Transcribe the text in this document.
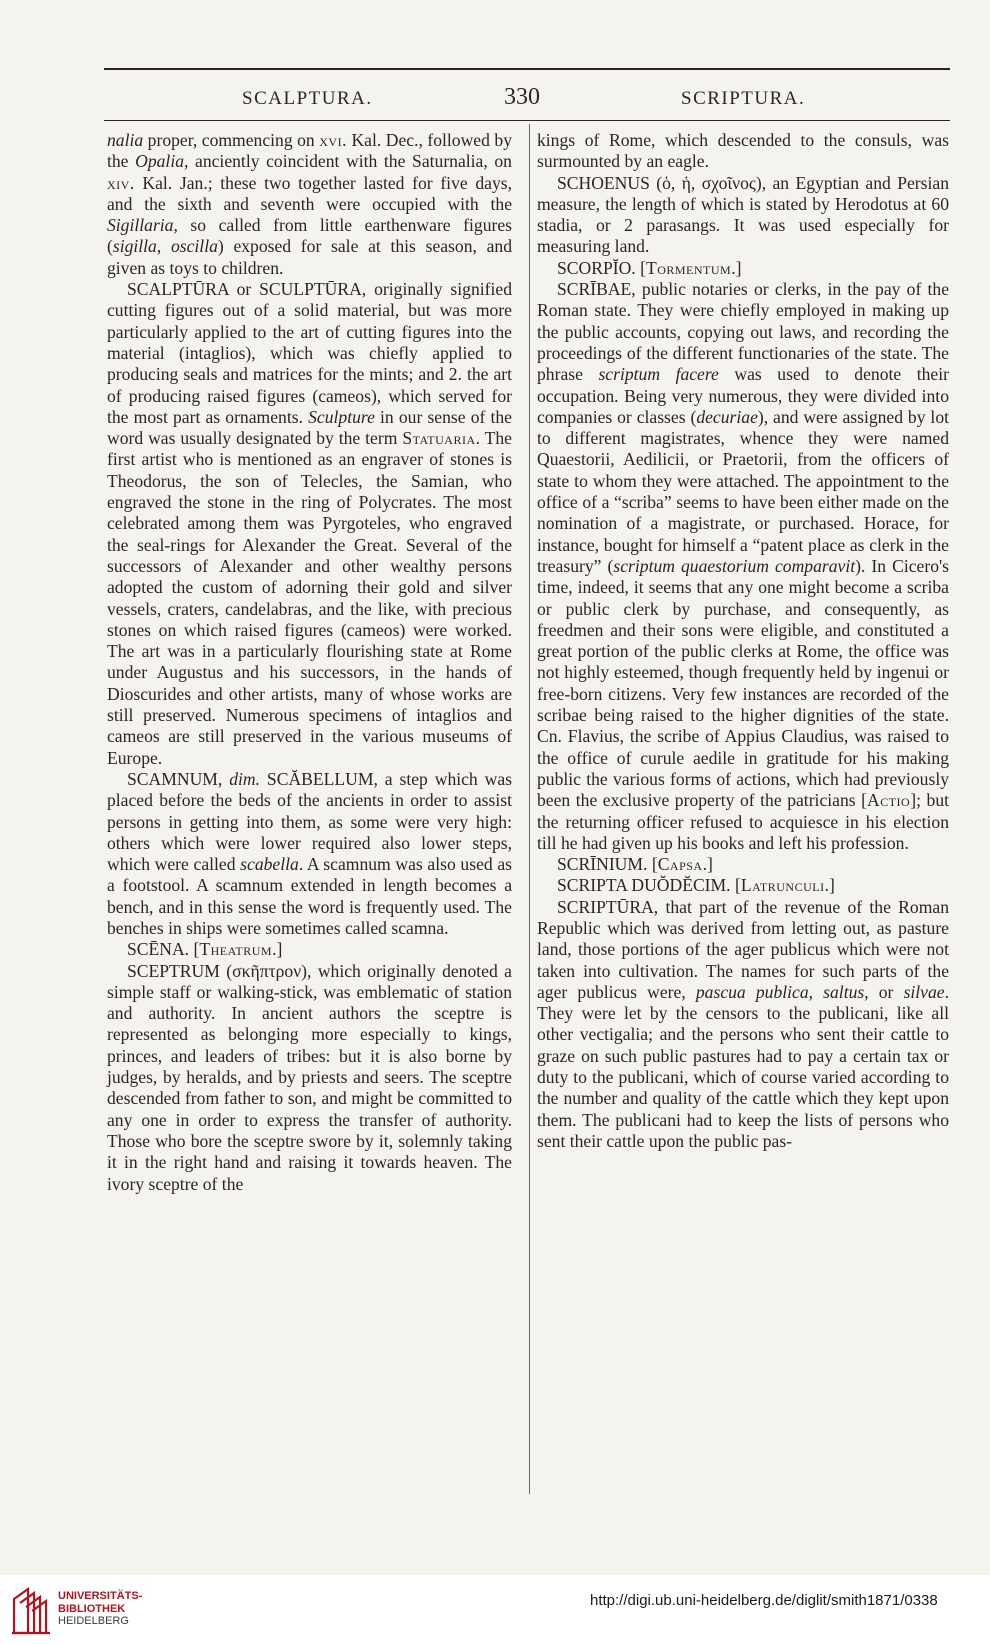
SCALPTURA.	330	SCRIPTURA.

nalia proper, commencing on xvi. Kal. Dec., followed by the Opalia, anciently coincident with the Saturnalia, on xiv. Kal. Jan.; these two together lasted for five days, and the sixth and seventh were occupied with the Sigillaria, so called from little earthenware figures (sigilla, oscilla) exposed for sale at this season, and given as toys to children.

SCALPTŪRA or SCULPTŪRA, originally signified cutting figures out of a solid material, but was more particularly applied to the art of cutting figures into the material (intaglios), which was chiefly applied to producing seals and matrices for the mints; and 2. the art of producing raised figures (cameos), which served for the most part as ornaments. Sculpture in our sense of the word was usually designated by the term Statuaria. The first artist who is mentioned as an engraver of stones is Theodorus, the son of Telecles, the Samian, who engraved the stone in the ring of Polycrates. The most celebrated among them was Pyrgoteles, who engraved the seal-rings for Alexander the Great. Several of the successors of Alexander and other wealthy persons adopted the custom of adorning their gold and silver vessels, craters, candelabras, and the like, with precious stones on which raised figures (cameos) were worked. The art was in a particularly flourishing state at Rome under Augustus and his successors, in the hands of Dioscurides and other artists, many of whose works are still preserved. Numerous specimens of intaglios and cameos are still preserved in the various museums of Europe.

SCAMNUM, dim. SCĂBELLUM, a step which was placed before the beds of the ancients in order to assist persons in getting into them, as some were very high: others which were lower required also lower steps, which were called scabella. A scamnum was also used as a footstool. A scamnum extended in length becomes a bench, and in this sense the word is frequently used. The benches in ships were sometimes called scamna.

SCĒNA. [Theatrum.]

SCEPTRUM (σκῆπτρον), which originally denoted a simple staff or walking-stick, was emblematic of station and authority. In ancient authors the sceptre is represented as belonging more especially to kings, princes, and leaders of tribes: but it is also borne by judges, by heralds, and by priests and seers. The sceptre descended from father to son, and might be committed to any one in order to express the transfer of authority. Those who bore the sceptre swore by it, solemnly taking it in the right hand and raising it towards heaven. The ivory sceptre of the

kings of Rome, which descended to the consuls, was surmounted by an eagle.

SCHOENUS (ὁ, ἡ, σχοῖνος), an Egyptian and Persian measure, the length of which is stated by Herodotus at 60 stadia, or 2 parasangs. It was used especially for measuring land.

SCORPĬO. [Tormentum.]

SCRĪBAE, public notaries or clerks, in the pay of the Roman state. They were chiefly employed in making up the public accounts, copying out laws, and recording the proceedings of the different functionaries of the state. The phrase scriptum facere was used to denote their occupation. Being very numerous, they were divided into companies or classes (decuriae), and were assigned by lot to different magistrates, whence they were named Quaestorii, Aedilicii, or Praetorii, from the officers of state to whom they were attached. The appointment to the office of a “scriba” seems to have been either made on the nomination of a magistrate, or purchased. Horace, for instance, bought for himself a “patent place as clerk in the treasury” (scriptum quaestorium comparavit). In Cicero's time, indeed, it seems that any one might become a scriba or public clerk by purchase, and consequently, as freedmen and their sons were eligible, and constituted a great portion of the public clerks at Rome, the office was not highly esteemed, though frequently held by ingenui or free-born citizens. Very few instances are recorded of the scribae being raised to the higher dignities of the state. Cn. Flavius, the scribe of Appius Claudius, was raised to the office of curule aedile in gratitude for his making public the various forms of actions, which had previously been the exclusive property of the patricians [Actio]; but the returning officer refused to acquiesce in his election till he had given up his books and left his profession.

SCRĪNIUM. [Capsa.]

SCRIPTA DUŎDĔCIM. [Latrunculi.]

SCRIPTŪRA, that part of the revenue of the Roman Republic which was derived from letting out, as pasture land, those portions of the ager publicus which were not taken into cultivation. The names for such parts of the ager publicus were, pascua publica, saltus, or silvae. They were let by the censors to the publicani, like all other vectigalia; and the persons who sent their cattle to graze on such public pastures had to pay a certain tax or duty to the publicani, which of course varied according to the number and quality of the cattle which they kept upon them. The publicani had to keep the lists of persons who sent their cattle upon the public pas-

UNIVERSITÄTS-
BIBLIOTHEK
HEIDELBERG
http://digi.ub.uni-heidelberg.de/diglit/smith1871/0338
